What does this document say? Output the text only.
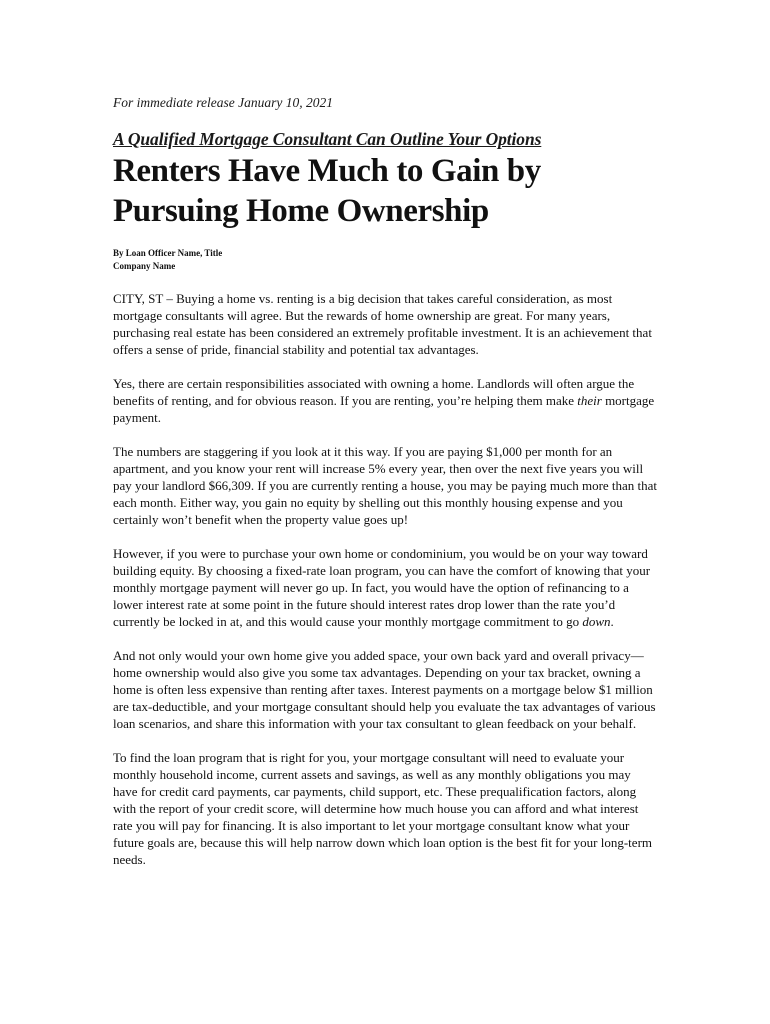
For immediate release January 10, 2021

A Qualified Mortgage Consultant Can Outline Your Options
Renters Have Much to Gain by Pursuing Home Ownership
By Loan Officer Name, Title
Company Name

CITY, ST – Buying a home vs. renting is a big decision that takes careful consideration, as most mortgage consultants will agree. But the rewards of home ownership are great. For many years, purchasing real estate has been considered an extremely profitable investment. It is an achievement that offers a sense of pride, financial stability and potential tax advantages.

Yes, there are certain responsibilities associated with owning a home. Landlords will often argue the benefits of renting, and for obvious reason. If you are renting, you’re helping them make their mortgage payment.

The numbers are staggering if you look at it this way. If you are paying $1,000 per month for an apartment, and you know your rent will increase 5% every year, then over the next five years you will pay your landlord $66,309. If you are currently renting a house, you may be paying much more than that each month. Either way, you gain no equity by shelling out this monthly housing expense and you certainly won’t benefit when the property value goes up!

However, if you were to purchase your own home or condominium, you would be on your way toward building equity. By choosing a fixed-rate loan program, you can have the comfort of knowing that your monthly mortgage payment will never go up. In fact, you would have the option of refinancing to a lower interest rate at some point in the future should interest rates drop lower than the rate you’d currently be locked in at, and this would cause your monthly mortgage commitment to go down.

And not only would your own home give you added space, your own back yard and overall privacy—home ownership would also give you some tax advantages. Depending on your tax bracket, owning a home is often less expensive than renting after taxes. Interest payments on a mortgage below $1 million are tax-deductible, and your mortgage consultant should help you evaluate the tax advantages of various loan scenarios, and share this information with your tax consultant to glean feedback on your behalf.

To find the loan program that is right for you, your mortgage consultant will need to evaluate your monthly household income, current assets and savings, as well as any monthly obligations you may have for credit card payments, car payments, child support, etc. These prequalification factors, along with the report of your credit score, will determine how much house you can afford and what interest rate you will pay for financing. It is also important to let your mortgage consultant know what your future goals are, because this will help narrow down which loan option is the best fit for your long-term needs.
